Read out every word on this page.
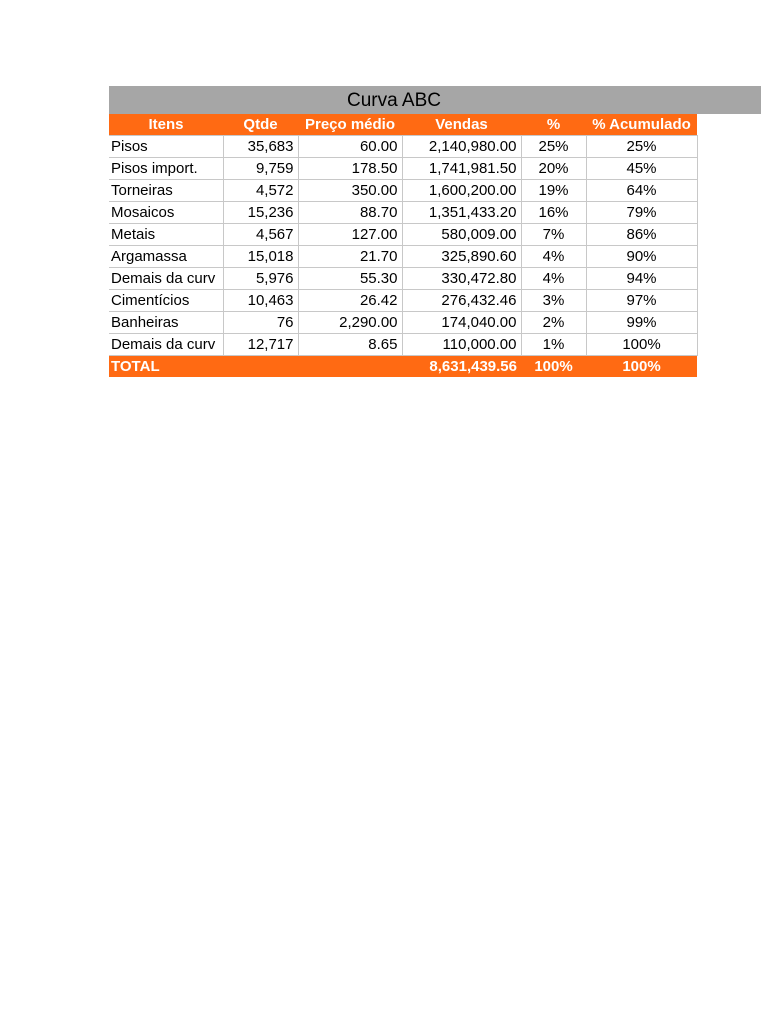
Curva ABC
Itens	Qtde	Preço médio	Vendas	%	% Acumulado
Pisos	35,683	60.00	2,140,980.00	25%	25%
Pisos import.	9,759	178.50	1,741,981.50	20%	45%
Torneiras	4,572	350.00	1,600,200.00	19%	64%
Mosaicos	15,236	88.70	1,351,433.20	16%	79%
Metais	4,567	127.00	580,009.00	7%	86%
Argamassa	15,018	21.70	325,890.60	4%	90%
Demais da curv	5,976	55.30	330,472.80	4%	94%
Cimentícios	10,463	26.42	276,432.46	3%	97%
Banheiras	76	2,290.00	174,040.00	2%	99%
Demais da curv	12,717	8.65	110,000.00	1%	100%
TOTAL			8,631,439.56	100%	100%
